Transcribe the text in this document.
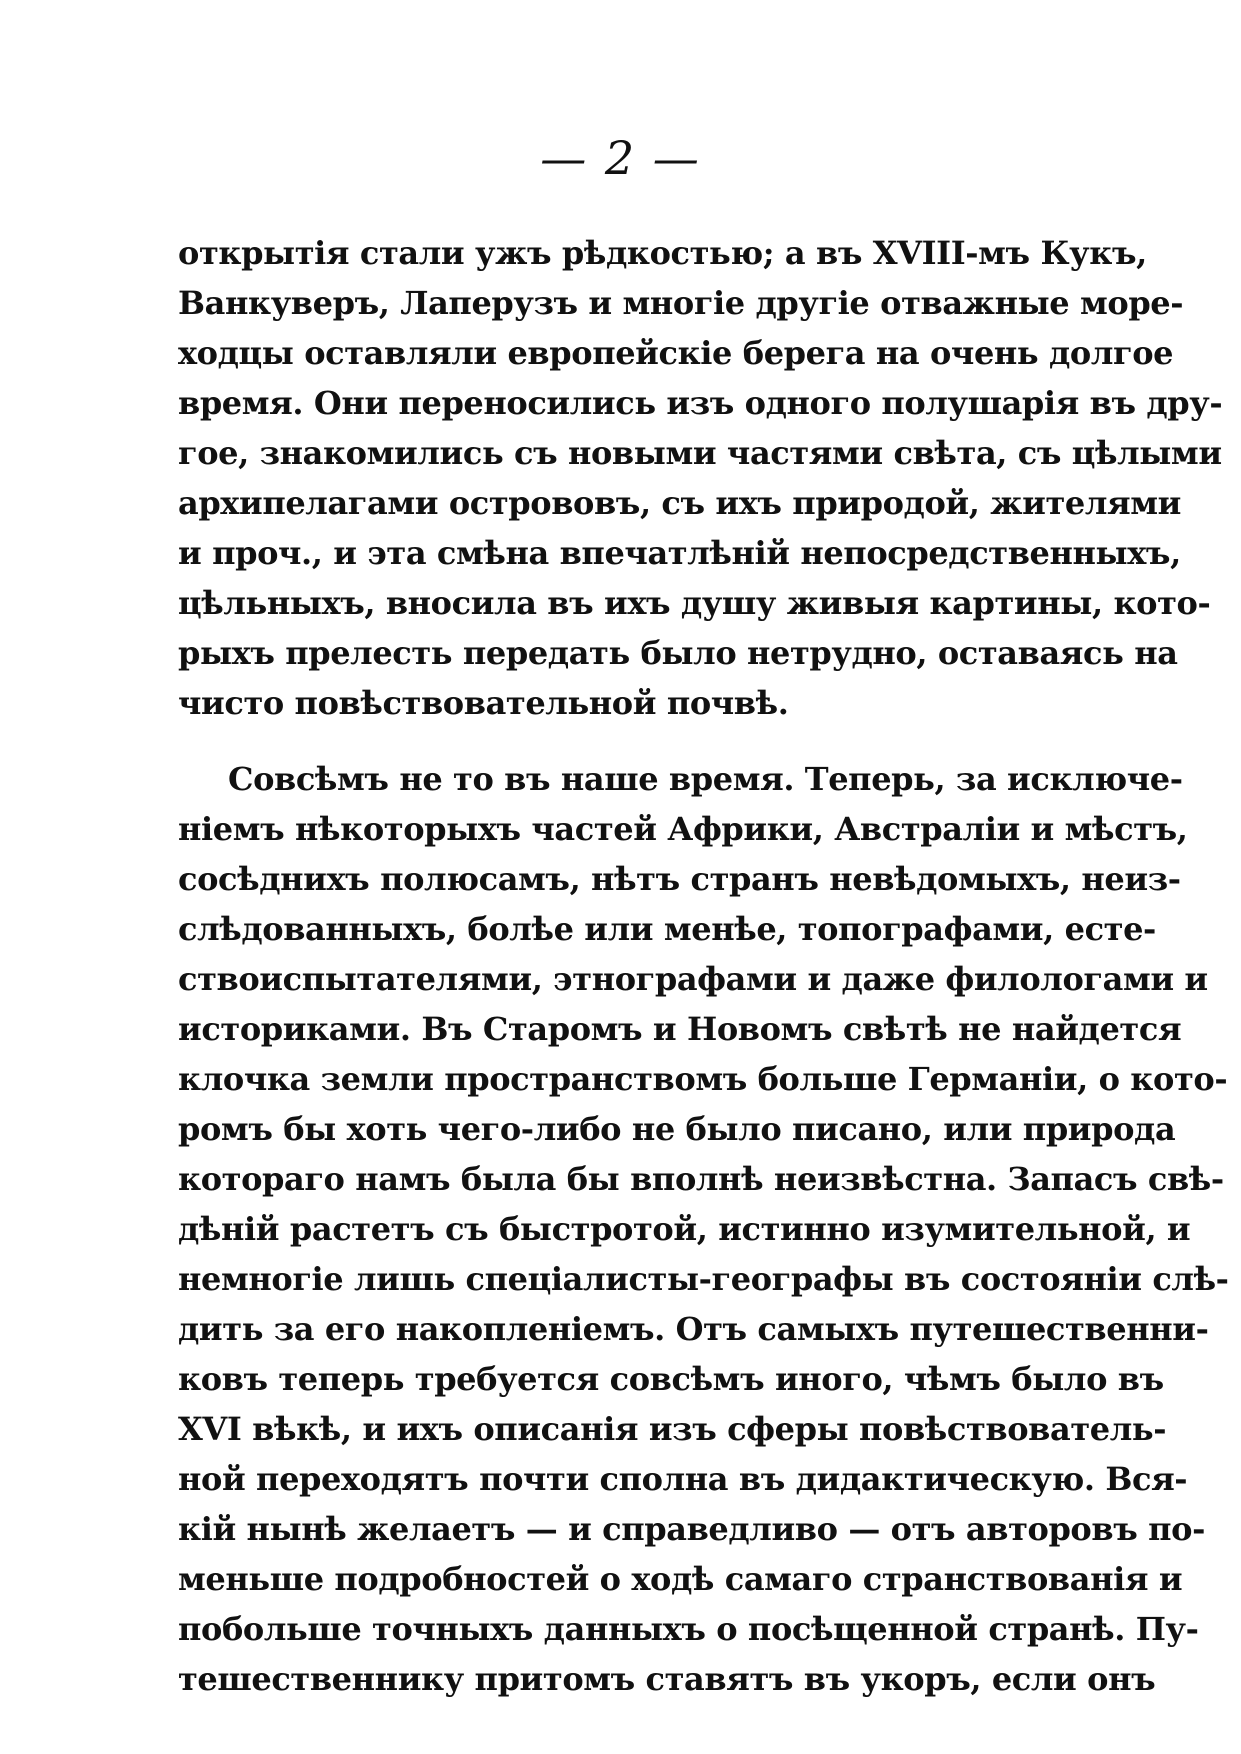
— 2 —
открытія стали ужъ рѣдкостью; а въ XVIII-мъ Кукъ,
Ванкуверъ, Лаперузъ и многіе другіе отважные море-
ходцы оставляли европейскіе берега на очень долгое
время. Они переносились изъ одного полушарія въ дру-
гое, знакомились съ новыми частями свѣта, съ цѣлыми
архипелагами острововъ, съ ихъ природой, жителями
и проч., и эта смѣна впечатлѣній непосредственныхъ,
цѣльныхъ, вносила въ ихъ душу живыя картины, кото-
рыхъ прелесть передать было нетрудно, оставаясь на
чисто повѣствовательной почвѣ.
Совсѣмъ не то въ наше время. Теперь, за исключе-
ніемъ нѣкоторыхъ частей Африки, Австраліи и мѣстъ,
сосѣднихъ полюсамъ, нѣтъ странъ невѣдомыхъ, неиз-
слѣдованныхъ, болѣе или менѣе, топографами, есте-
ствоиспытателями, этнографами и даже филологами и
историками. Въ Старомъ и Новомъ свѣтѣ не найдется
клочка земли пространствомъ больше Германіи, о кото-
ромъ бы хоть чего-либо не было писано, или природа
котораго намъ была бы вполнѣ неизвѣстна. Запасъ свѣ-
дѣній растетъ съ быстротой, истинно изумительной, и
немногіе лишь спеціалисты-географы въ состояніи слѣ-
дить за его накопленіемъ. Отъ самыхъ путешественни-
ковъ теперь требуется совсѣмъ иного, чѣмъ было въ
XVI вѣкѣ, и ихъ описанія изъ сферы повѣствователь-
ной переходятъ почти сполна въ дидактическую. Вся-
кій нынѣ желаетъ — и справедливо — отъ авторовъ по-
меньше подробностей о ходѣ самаго странствованія и
побольше точныхъ данныхъ о посѣщенной странѣ. Пу-
тешественнику притомъ ставятъ въ укоръ, если онъ
